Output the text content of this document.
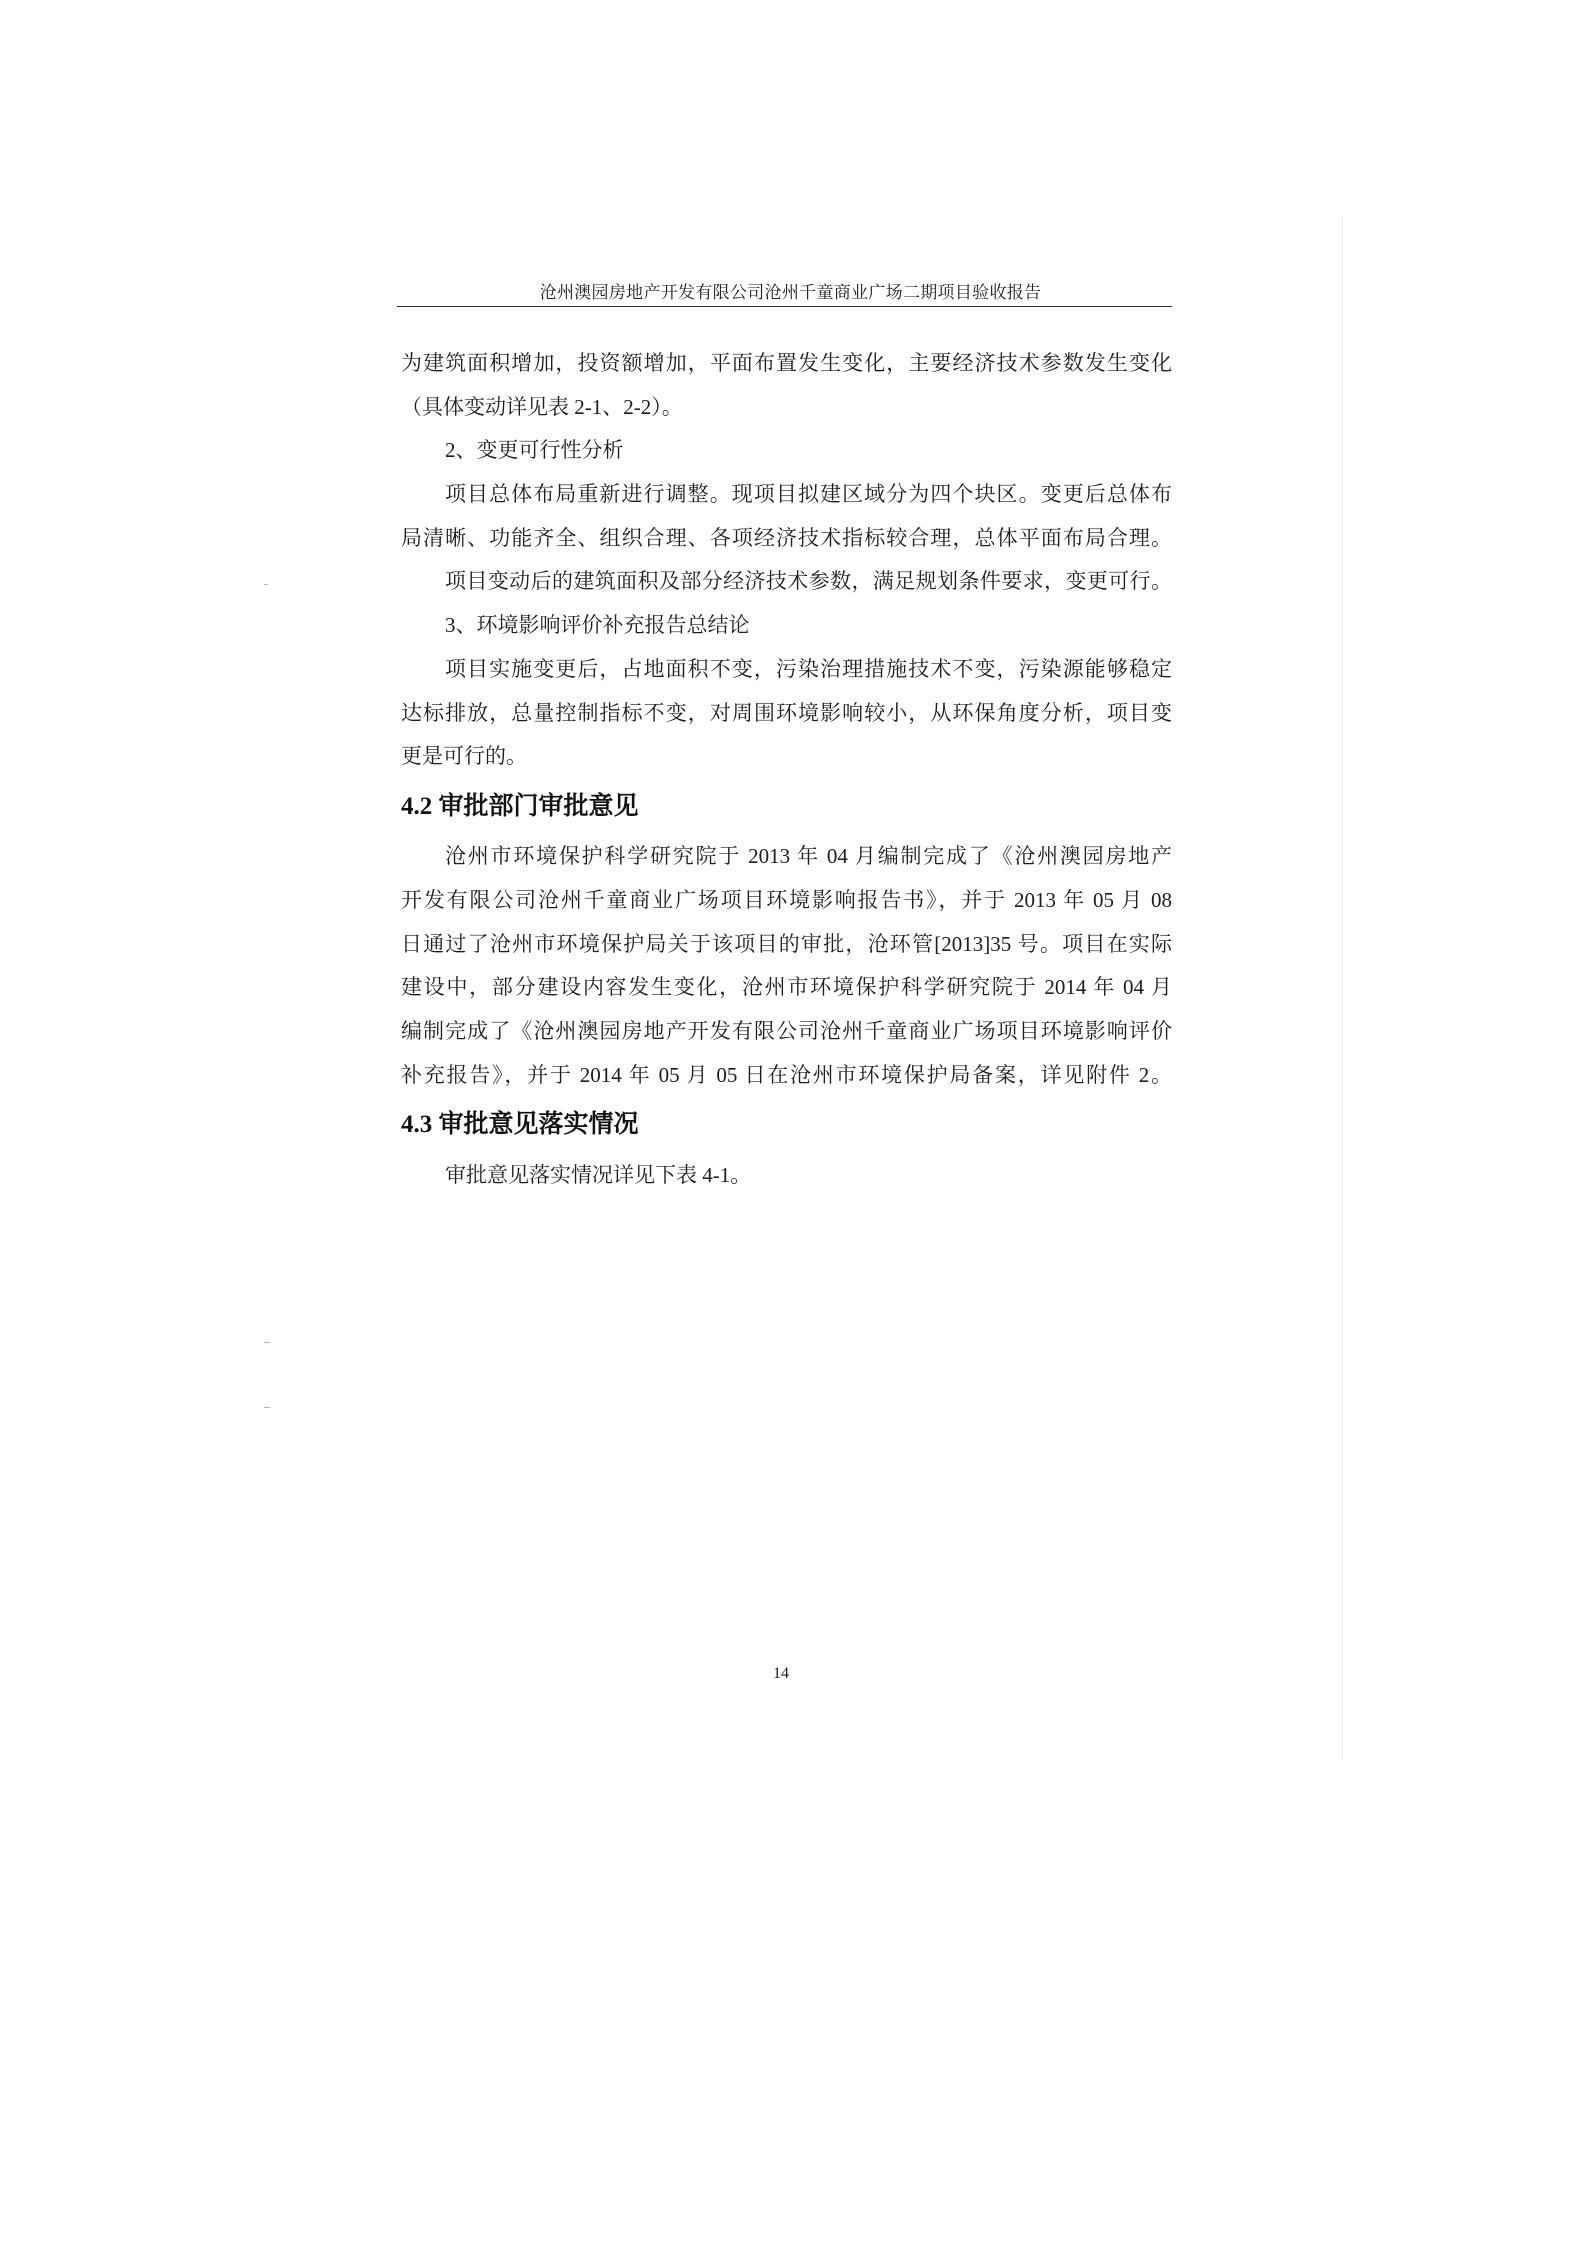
沧州澳园房地产开发有限公司沧州千童商业广场二期项目验收报告
为建筑面积增加，投资额增加，平面布置发生变化，主要经济技术参数发生变化
（具体变动详见表 2-1、2-2）。
2、变更可行性分析
项目总体布局重新进行调整。现项目拟建区域分为四个块区。变更后总体布
局清晰、功能齐全、组织合理、各项经济技术指标较合理，总体平面布局合理。
项目变动后的建筑面积及部分经济技术参数，满足规划条件要求，变更可行。
3、环境影响评价补充报告总结论
项目实施变更后，占地面积不变，污染治理措施技术不变，污染源能够稳定
达标排放，总量控制指标不变，对周围环境影响较小，从环保角度分析，项目变
更是可行的。
4.2 审批部门审批意见
沧州市环境保护科学研究院于 2013 年 04 月编制完成了《沧州澳园房地产
开发有限公司沧州千童商业广场项目环境影响报告书》，并于 2013 年 05 月 08
日通过了沧州市环境保护局关于该项目的审批，沧环管[2013]35 号。项目在实际
建设中，部分建设内容发生变化，沧州市环境保护科学研究院于 2014 年 04 月
编制完成了《沧州澳园房地产开发有限公司沧州千童商业广场项目环境影响评价
补充报告》，并于 2014 年 05 月 05 日在沧州市环境保护局备案，详见附件 2。
4.3 审批意见落实情况
审批意见落实情况详见下表 4-1。
14
